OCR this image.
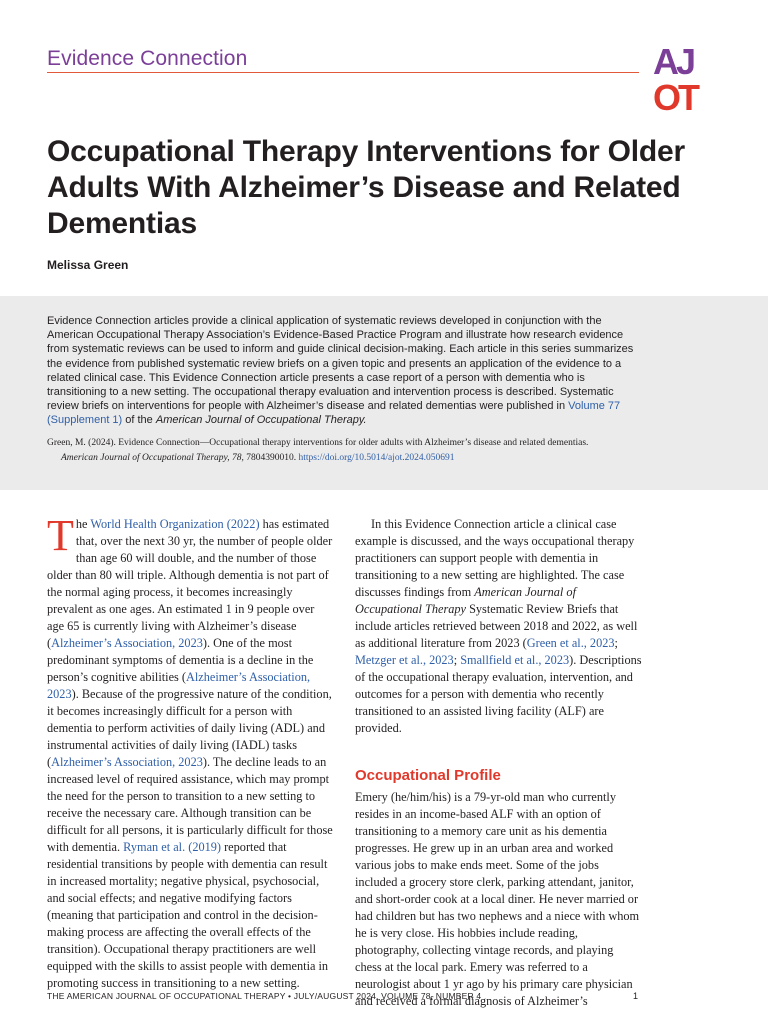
Evidence Connection	AJ
OT
Occupational Therapy Interventions for Older Adults With Alzheimer’s Disease and Related Dementias
Melissa Green
Evidence Connection articles provide a clinical application of systematic reviews developed in conjunction with the American Occupational Therapy Association’s Evidence-Based Practice Program and illustrate how research evidence from systematic reviews can be used to inform and guide clinical decision-making. Each article in this series summarizes the evidence from published systematic review briefs on a given topic and presents an application of the evidence to a related clinical case. This Evidence Connection article presents a case report of a person with dementia who is transitioning to a new setting. The occupational therapy evaluation and intervention process is described. Systematic review briefs on interventions for people with Alzheimer’s disease and related dementias were published in Volume 77 (Supplement 1) of the American Journal of Occupational Therapy.
Green, M. (2024). Evidence Connection—Occupational therapy interventions for older adults with Alzheimer’s disease and related dementias.
American Journal of Occupational Therapy, 78, 7804390010. https://doi.org/10.5014/ajot.2024.050691

The World Health Organization (2022) has estimated that, over the next 30 yr, the number of people older than age 60 will double, and the number of those older than 80 will triple. Although dementia is not part of the normal aging process, it becomes increasingly prevalent as one ages. An estimated 1 in 9 people over age 65 is currently living with Alzheimer’s disease (Alzheimer’s Association, 2023). One of the most predominant symptoms of dementia is a decline in the person’s cognitive abilities (Alzheimer’s Association, 2023). Because of the progressive nature of the condition, it becomes increasingly difficult for a person with dementia to perform activities of daily living (ADL) and instrumental activities of daily living (IADL) tasks (Alzheimer’s Association, 2023). The decline leads to an increased level of required assistance, which may prompt the need for the person to transition to a new setting to receive the necessary care. Although transition can be difficult for all persons, it is particularly difficult for those with dementia. Ryman et al. (2019) reported that residential transitions by people with dementia can result in increased mortality; negative physical, psychosocial, and social effects; and negative modifying factors (meaning that participation and control in the decision-making process are affecting the overall effects of the transition). Occupational therapy practitioners are well equipped with the skills to assist people with dementia in promoting success in transitioning to a new setting.

In this Evidence Connection article a clinical case example is discussed, and the ways occupational therapy practitioners can support people with dementia in transitioning to a new setting are highlighted. The case discusses findings from American Journal of Occupational Therapy Systematic Review Briefs that include articles retrieved between 2018 and 2022, as well as additional literature from 2023 (Green et al., 2023; Metzger et al., 2023; Smallfield et al., 2023). Descriptions of the occupational therapy evaluation, intervention, and outcomes for a person with dementia who recently transitioned to an assisted living facility (ALF) are provided.

Occupational Profile

Emery (he/him/his) is a 79-yr-old man who currently resides in an income-based ALF with an option of transitioning to a memory care unit as his dementia progresses. He grew up in an urban area and worked various jobs to make ends meet. Some of the jobs included a grocery store clerk, parking attendant, janitor, and short-order cook at a local diner. He never married or had children but has two nephews and a niece with whom he is very close. His hobbies include reading, photography, collecting vintage records, and playing chess at the local park. Emery was referred to a neurologist about 1 yr ago by his primary care physician and received a formal diagnosis of Alzheimer’s

THE AMERICAN JOURNAL OF OCCUPATIONAL THERAPY • JULY/AUGUST 2024, VOLUME 78, NUMBER 4	1
